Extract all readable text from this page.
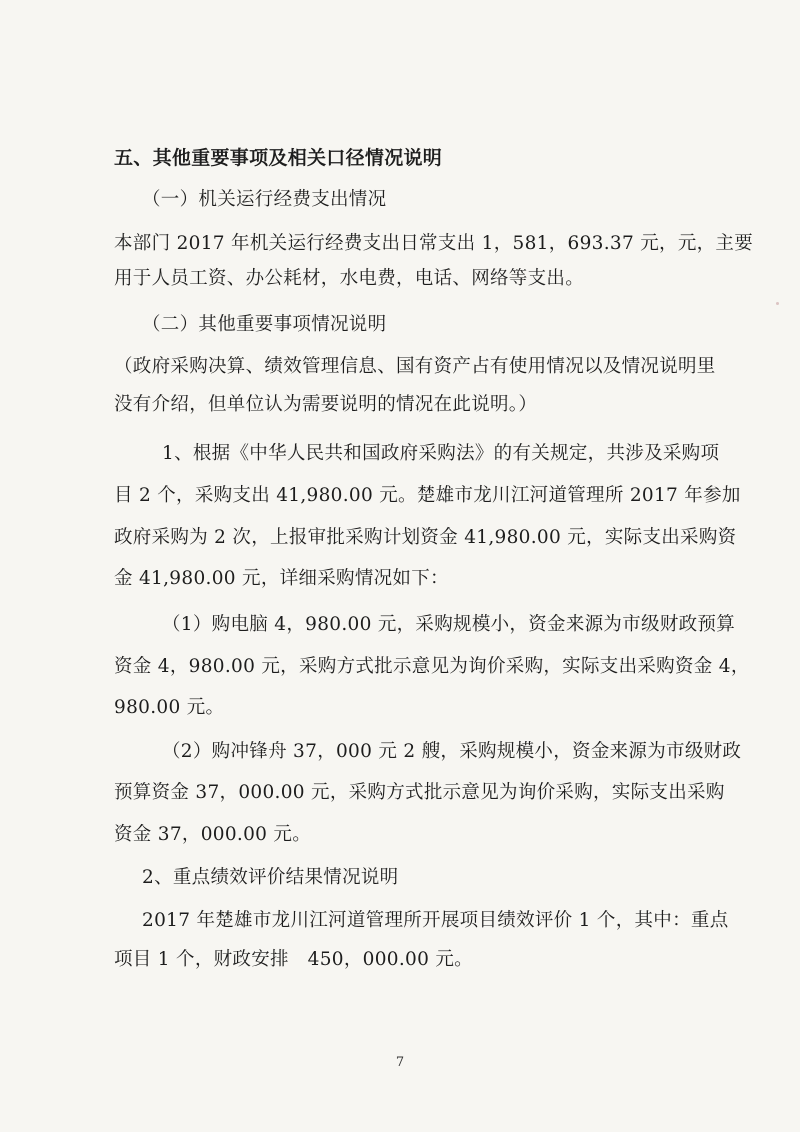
五、其他重要事项及相关口径情况说明
（一）机关运行经费支出情况
本部门 2017 年机关运行经费支出日常支出 1，581，693.37 元，元，主要
用于人员工资、办公耗材，水电费，电话、网络等支出。
（二）其他重要事项情况说明
（政府采购决算、绩效管理信息、国有资产占有使用情况以及情况说明里
没有介绍，但单位认为需要说明的情况在此说明。）
1、根据《中华人民共和国政府采购法》的有关规定，共涉及采购项
目 2 个，采购支出 41,980.00 元。楚雄市龙川江河道管理所 2017 年参加
政府采购为 2 次，上报审批采购计划资金 41,980.00 元，实际支出采购资
金 41,980.00 元，详细采购情况如下：
（1）购电脑 4，980.00 元，采购规模小，资金来源为市级财政预算
资金 4，980.00 元，采购方式批示意见为询价采购，实际支出采购资金 4，
980.00 元。
（2）购冲锋舟 37，000 元 2 艘，采购规模小，资金来源为市级财政
预算资金 37，000.00 元，采购方式批示意见为询价采购，实际支出采购
资金 37，000.00 元。
2、重点绩效评价结果情况说明
2017 年楚雄市龙川江河道管理所开展项目绩效评价 1 个，其中：重点
项目 1 个，财政安排　450，000.00 元。
7
